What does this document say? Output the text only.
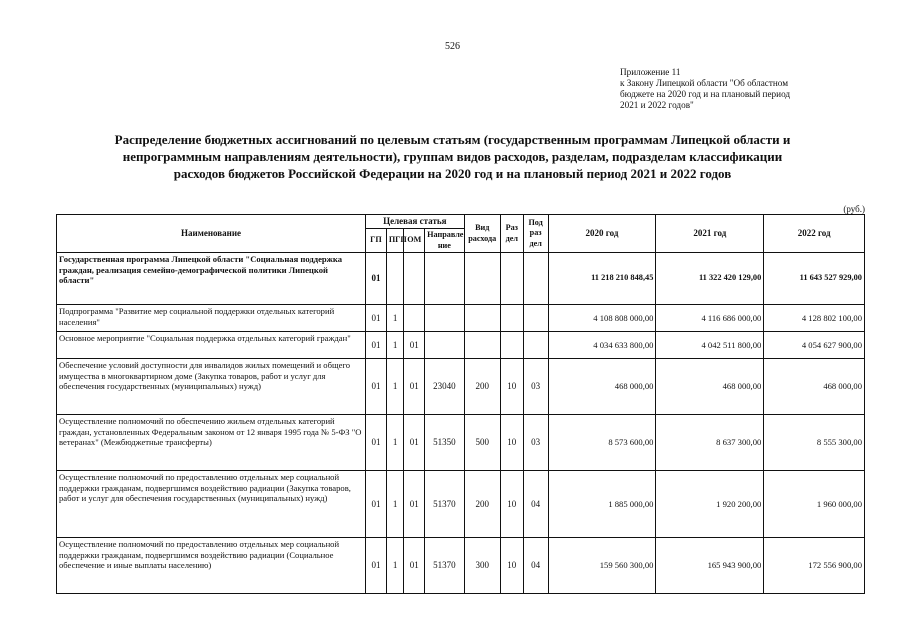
526
Приложение 11
к Закону Липецкой области "Об областном
бюджете на 2020 год и на плановый период
2021 и 2022 годов"
Распределение бюджетных ассигнований по целевым статьям (государственным программам Липецкой области и
непрограммным направлениям деятельности), группам видов расходов, разделам, подразделам классификации
расходов бюджетов Российской Федерации на 2020 год и на плановый период 2021 и 2022 годов
(руб.)
Наименование	Целевая статья				Вид расхода	Раз дел	Под раз дел	2020 год	2021 год	2022 год
	ГП	ПГП	ОМ	Направле ние						
Государственная программа Липецкой области "Социальная поддержка граждан, реализация семейно-демографической политики Липецкой области"	01							11 218 210 848,45	11 322 420 129,00	11 643 527 929,00
Подпрограмма "Развитие мер социальной поддержки отдельных категорий населения"	01	1						4 108 808 000,00	4 116 686 000,00	4 128 802 100,00
Основное мероприятие "Социальная поддержка отдельных категорий граждан"	01	1	01					4 034 633 800,00	4 042 511 800,00	4 054 627 900,00
Обеспечение условий доступности для инвалидов жилых помещений и общего имущества в многоквартирном доме (Закупка товаров, работ и услуг для обеспечения государственных (муниципальных) нужд)	01	1	01	23040	200	10	03	468 000,00	468 000,00	468 000,00
Осуществление полномочий по обеспечению жильем отдельных категорий граждан, установленных Федеральным законом от 12 января 1995 года № 5-ФЗ "О ветеранах" (Межбюджетные трансферты)	01	1	01	51350	500	10	03	8 573 600,00	8 637 300,00	8 555 300,00
Осуществление полномочий по предоставлению отдельных мер социальной поддержки гражданам, подвергшимся воздействию радиации (Закупка товаров, работ и услуг для обеспечения государственных (муниципальных) нужд)	01	1	01	51370	200	10	04	1 885 000,00	1 920 200,00	1 960 000,00
Осуществление полномочий по предоставлению отдельных мер социальной поддержки гражданам, подвергшимся воздействию радиации (Социальное обеспечение и иные выплаты населению)	01	1	01	51370	300	10	04	159 560 300,00	165 943 900,00	172 556 900,00
